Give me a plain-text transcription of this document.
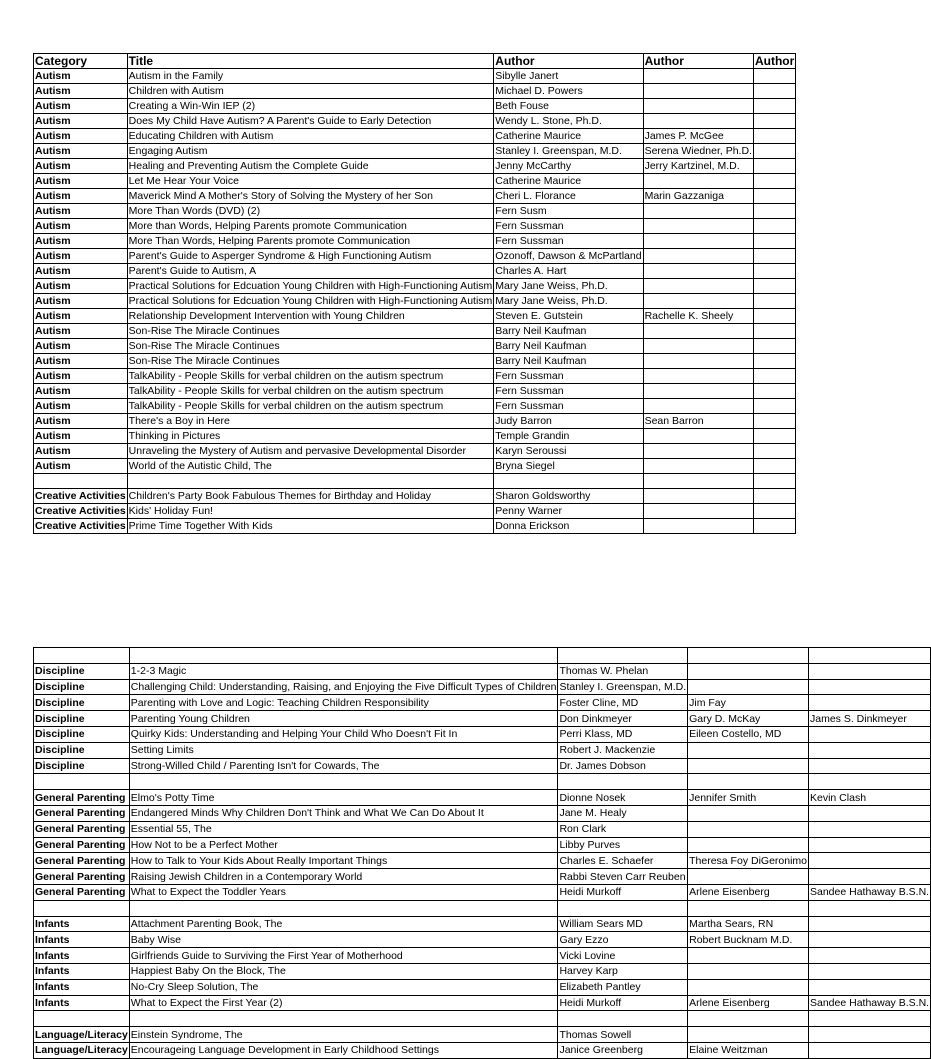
Category	Title	Author	Author	Author
Autism	Autism in the Family	Sibylle Janert		
Autism	Children with Autism	Michael D. Powers		
Autism	Creating a Win-Win IEP (2)	Beth Fouse		
Autism	Does My Child Have Autism? A Parent's Guide to Early Detection	Wendy L. Stone, Ph.D.		
Autism	Educating Children with Autism	Catherine Maurice	James P. McGee	
Autism	Engaging Autism	Stanley I. Greenspan, M.D.	Serena Wiedner, Ph.D.	
Autism	Healing and Preventing Autism the Complete Guide	Jenny McCarthy	Jerry Kartzinel, M.D.	
Autism	Let Me Hear Your Voice	Catherine Maurice		
Autism	Maverick Mind A Mother's Story of Solving the Mystery of her Son	Cheri L. Florance	Marin Gazzaniga	
Autism	More Than Words (DVD) (2)	Fern Susm		
Autism	More than Words, Helping Parents promote Communication	Fern Sussman		
Autism	More Than Words, Helping Parents promote Communication	Fern Sussman		
Autism	Parent's Guide to Asperger Syndrome & High Functioning Autism	Ozonoff, Dawson & McPartland		
Autism	Parent's Guide to Autism, A	Charles A. Hart		
Autism	Practical Solutions for Edcuation Young Children with High-Functioning Autism	Mary Jane Weiss, Ph.D.		
Autism	Practical Solutions for Edcuation Young Children with High-Functioning Autism	Mary Jane Weiss, Ph.D.		
Autism	Relationship Development Intervention with Young Children	Steven E. Gutstein	Rachelle K. Sheely	
Autism	Son-Rise The Miracle Continues	Barry Neil Kaufman		
Autism	Son-Rise The Miracle Continues	Barry Neil Kaufman		
Autism	Son-Rise The Miracle Continues	Barry Neil Kaufman		
Autism	TalkAbility - People Skills for verbal children on the autism spectrum	Fern Sussman		
Autism	TalkAbility - People Skills for verbal children on the autism spectrum	Fern Sussman		
Autism	TalkAbility - People Skills for verbal children on the autism spectrum	Fern Sussman		
Autism	There's a Boy in Here	Judy Barron	Sean Barron	
Autism	Thinking in Pictures	Temple Grandin		
Autism	Unraveling the Mystery of Autism and pervasive Developmental Disorder	Karyn Seroussi		
Autism	World of the Autistic Child, The	Bryna Siegel		

Creative Activities	Children's Party Book Fabulous Themes for Birthday and Holiday	Sharon Goldsworthy		
Creative Activities	Kids' Holiday Fun!	Penny Warner		
Creative Activities	Prime Time Together With Kids	Donna Erickson		

Discipline	1-2-3 Magic	Thomas W. Phelan		
Discipline	Challenging Child: Understanding, Raising, and Enjoying the Five Difficult Types of Children	Stanley I. Greenspan, M.D.		
Discipline	Parenting with Love and Logic: Teaching Children Responsibility	Foster Cline, MD	Jim Fay	
Discipline	Parenting Young Children	Don Dinkmeyer	Gary D. McKay	James S. Dinkmeyer
Discipline	Quirky Kids: Understanding and Helping Your Child Who Doesn't Fit In	Perri Klass, MD	Eileen Costello, MD	
Discipline	Setting Limits	Robert J. Mackenzie		
Discipline	Strong-Willed Child / Parenting Isn't for Cowards, The	Dr. James Dobson		

General Parenting	Elmo's Potty Time	Dionne Nosek	Jennifer Smith	Kevin Clash
General Parenting	Endangered Minds Why Children Don't Think and What We Can Do About It	Jane M. Healy		
General Parenting	Essential 55, The	Ron Clark		
General Parenting	How Not to be a Perfect Mother	Libby Purves		
General Parenting	How to Talk to Your Kids About Really Important Things	Charles E. Schaefer	Theresa Foy DiGeronimo	
General Parenting	Raising Jewish Children in a Contemporary World	Rabbi Steven Carr Reuben		
General Parenting	What to Expect the Toddler Years	Heidi Murkoff	Arlene Eisenberg	Sandee Hathaway B.S.N.

Infants	Attachment Parenting Book, The	William Sears MD	Martha Sears, RN	
Infants	Baby Wise	Gary Ezzo	Robert Bucknam M.D.	
Infants	Girlfriends Guide to Surviving the First Year of Motherhood	Vicki Lovine		
Infants	Happiest Baby On the Block, The	Harvey Karp		
Infants	No-Cry Sleep Solution, The	Elizabeth Pantley		
Infants	What to Expect the First Year (2)	Heidi Murkoff	Arlene Eisenberg	Sandee Hathaway B.S.N.

Language/Literacy	Einstein Syndrome, The	Thomas Sowell		
Language/Literacy	Encourageing Language Development in Early Childhood Settings	Janice Greenberg	Elaine Weitzman	
